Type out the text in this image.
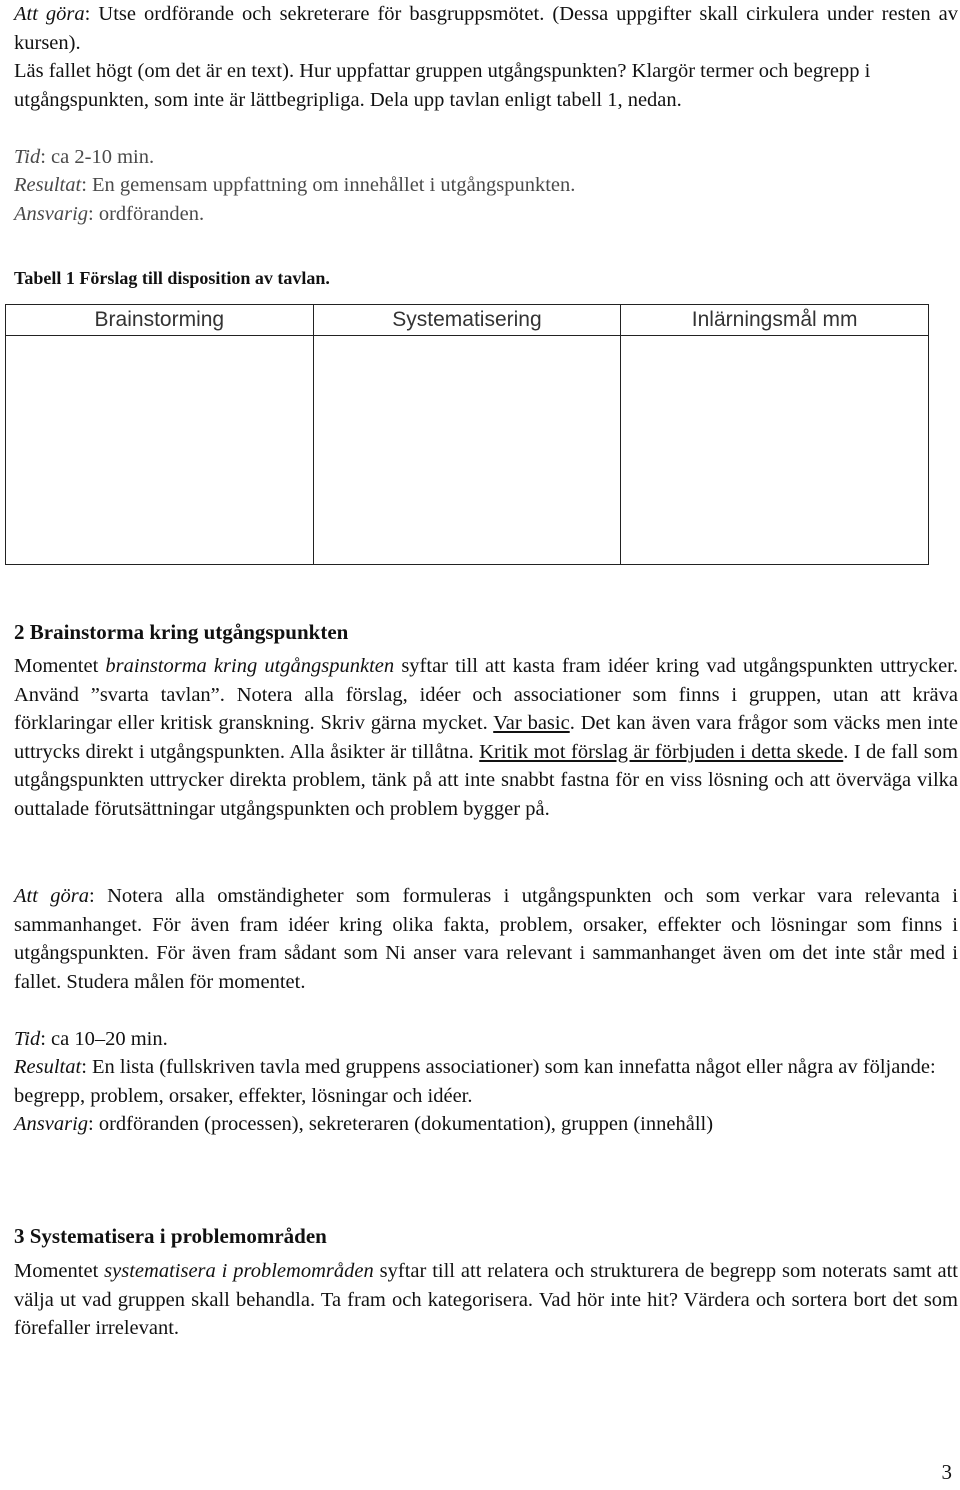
Att göra: Utse ordförande och sekreterare för basgruppsmötet. (Dessa uppgifter skall cirkulera under resten av kursen).

Läs fallet högt (om det är en text). Hur uppfattar gruppen utgångspunkten? Klargör termer och begrepp i utgångspunkten, som inte är lättbegripliga. Dela upp tavlan enligt tabell 1, nedan.

Tid: ca 2-10 min.

Resultat: En gemensam uppfattning om innehållet i utgångspunkten.

Ansvarig: ordföranden.

Tabell 1 Förslag till disposition av tavlan.

Brainstorming	Systematisering	Inlärningsmål mm

2 Brainstorma kring utgångspunkten

Momentet brainstorma kring utgångspunkten syftar till att kasta fram idéer kring vad utgångspunkten uttrycker. Använd ”svarta tavlan”. Notera alla förslag, idéer och associationer som finns i gruppen, utan att kräva förklaringar eller kritisk granskning. Skriv gärna mycket. Var basic. Det kan även vara frågor som väcks men inte uttrycks direkt i utgångspunkten. Alla åsikter är tillåtna. Kritik mot förslag är förbjuden i detta skede. I de fall som utgångspunkten uttrycker direkta problem, tänk på att inte snabbt fastna för en viss lösning och att överväga vilka outtalade förutsättningar utgångspunkten och problem bygger på.

Att göra: Notera alla omständigheter som formuleras i utgångspunkten och som verkar vara relevanta i sammanhanget. För även fram idéer kring olika fakta, problem, orsaker, effekter och lösningar som finns i utgångspunkten. För även fram sådant som Ni anser vara relevant i sammanhanget även om det inte står med i fallet. Studera målen för momentet.

Tid: ca 10–20 min.

Resultat: En lista (fullskriven tavla med gruppens associationer) som kan innefatta något eller några av följande: begrepp, problem, orsaker, effekter, lösningar och idéer.

Ansvarig: ordföranden (processen), sekreteraren (dokumentation), gruppen (innehåll)

3 Systematisera i problemområden

Momentet systematisera i problemområden syftar till att relatera och strukturera de begrepp som noterats samt att välja ut vad gruppen skall behandla. Ta fram och kategorisera. Vad hör inte hit? Värdera och sortera bort det som förefaller irrelevant.

3
